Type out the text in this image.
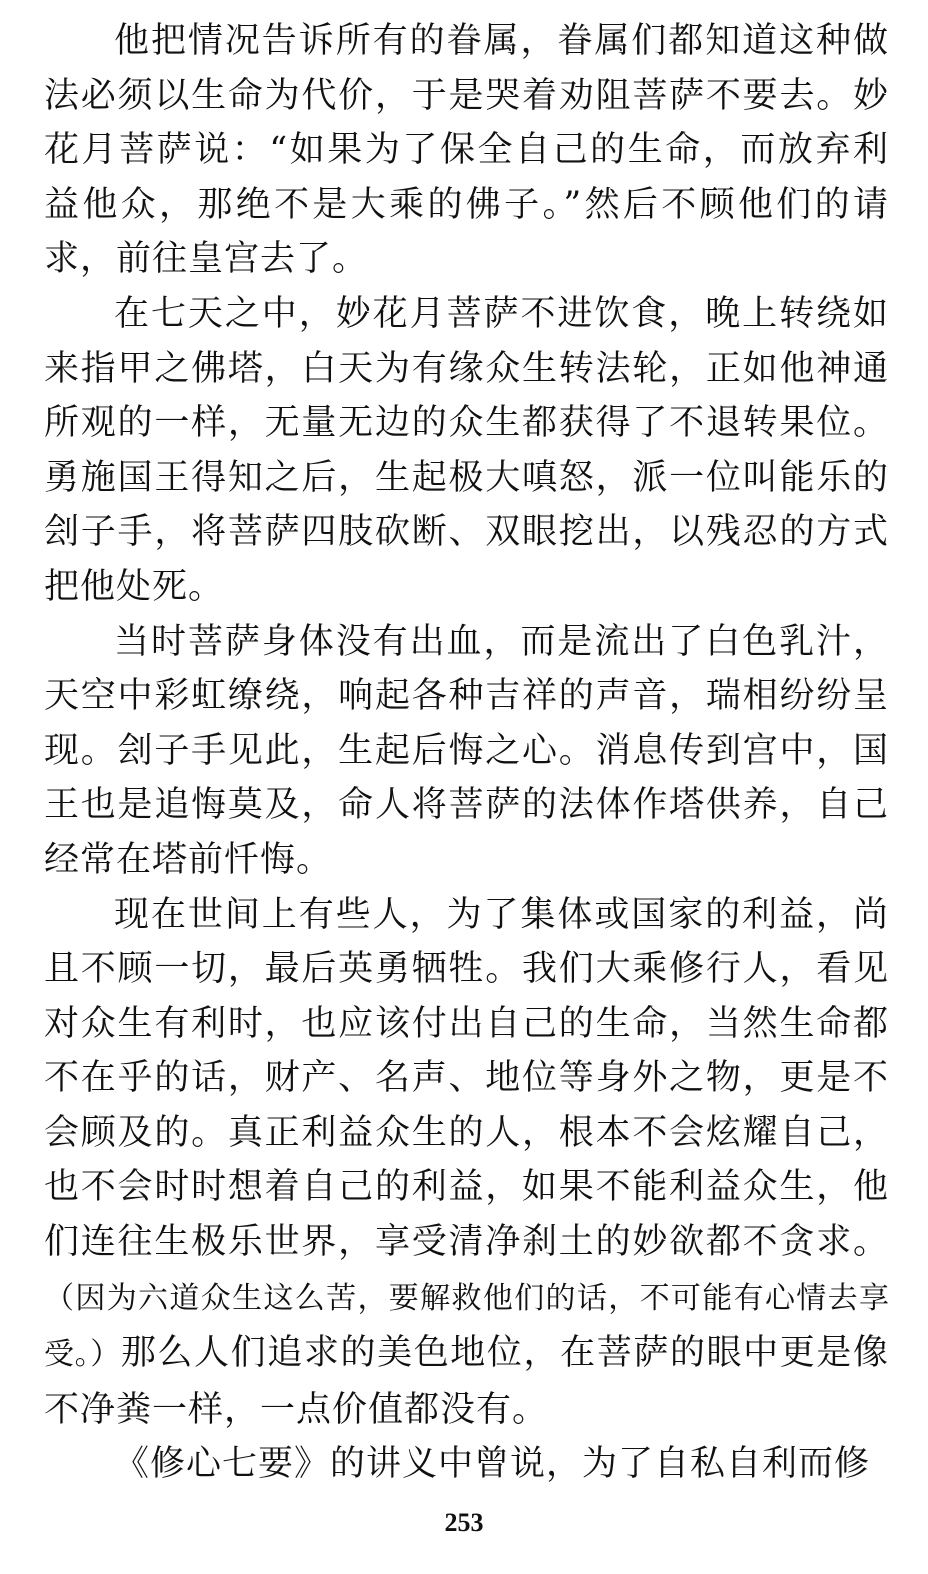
他把情况告诉所有的眷属，眷属们都知道这种做法必须以生命为代价，于是哭着劝阻菩萨不要去。妙花月菩萨说：“如果为了保全自己的生命，而放弃利益他众，那绝不是大乘的佛子。”然后不顾他们的请求，前往皇宫去了。

在七天之中，妙花月菩萨不进饮食，晚上转绕如来指甲之佛塔，白天为有缘众生转法轮，正如他神通所观的一样，无量无边的众生都获得了不退转果位。勇施国王得知之后，生起极大嗔怒，派一位叫能乐的刽子手，将菩萨四肢砍断、双眼挖出，以残忍的方式把他处死。

当时菩萨身体没有出血，而是流出了白色乳汁，天空中彩虹缭绕，响起各种吉祥的声音，瑞相纷纷呈现。刽子手见此，生起后悔之心。消息传到宫中，国王也是追悔莫及，命人将菩萨的法体作塔供养，自己经常在塔前忏悔。

现在世间上有些人，为了集体或国家的利益，尚且不顾一切，最后英勇牺牲。我们大乘修行人，看见对众生有利时，也应该付出自己的生命，当然生命都不在乎的话，财产、名声、地位等身外之物，更是不会顾及的。真正利益众生的人，根本不会炫耀自己，也不会时时想着自己的利益，如果不能利益众生，他们连往生极乐世界，享受清净刹土的妙欲都不贪求。（因为六道众生这么苦，要解救他们的话，不可能有心情去享受。）那么人们追求的美色地位，在菩萨的眼中更是像不净粪一样，一点价值都没有。

《修心七要》的讲义中曾说，为了自私自利而修

253
